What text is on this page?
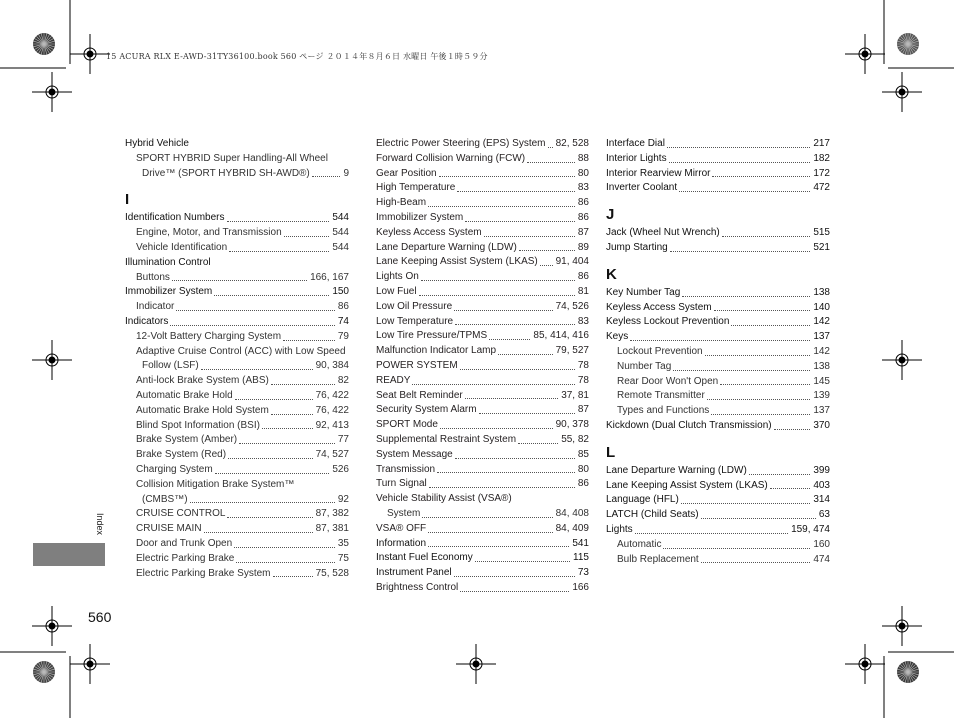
15 ACURA RLX E-AWD-31TY36100.book 560 ページ ２０１４年８月６日 水曜日 午後１時５９分
Hybrid Vehicle
SPORT HYBRID Super Handling-All Wheel
Drive™ (SPORT HYBRID SH-AWD®)	9
I
Identification Numbers	544
Engine, Motor, and Transmission	544
Vehicle Identification	544
Illumination Control
Buttons	166, 167
Immobilizer System	150
Indicator	86
Indicators	74
12-Volt Battery Charging System	79
Adaptive Cruise Control (ACC) with Low Speed
Follow (LSF)	90, 384
Anti-lock Brake System (ABS)	82
Automatic Brake Hold	76, 422
Automatic Brake Hold System	76, 422
Blind Spot Information (BSI)	92, 413
Brake System (Amber)	77
Brake System (Red)	74, 527
Charging System	526
Collision Mitigation Brake System™
(CMBS™)	92
CRUISE CONTROL	87, 382
CRUISE MAIN	87, 381
Door and Trunk Open	35
Electric Parking Brake	75
Electric Parking Brake System	75, 528
Electric Power Steering (EPS) System 82, 528
Forward Collision Warning (FCW)	88
Gear Position	80
High Temperature	83
High-Beam	86
Immobilizer System	86
Keyless Access System	87
Lane Departure Warning (LDW)	89
Lane Keeping Assist System (LKAS) 91, 404
Lights On	86
Low Fuel	81
Low Oil Pressure	74, 526
Low Temperature	83
Low Tire Pressure/TPMS	85, 414, 416
Malfunction Indicator Lamp	79, 527
POWER SYSTEM	78
READY	78
Seat Belt Reminder	37, 81
Security System Alarm	87
SPORT Mode	90, 378
Supplemental Restraint System	55, 82
System Message	85
Transmission	80
Turn Signal	86
Vehicle Stability Assist (VSA®)
System	84, 408
VSA® OFF	84, 409
Information	541
Instant Fuel Economy	115
Instrument Panel	73
Brightness Control	166
Interface Dial	217
Interior Lights	182
Interior Rearview Mirror	172
Inverter Coolant	472
J
Jack (Wheel Nut Wrench)	515
Jump Starting	521
K
Key Number Tag	138
Keyless Access System	140
Keyless Lockout Prevention	142
Keys	137
Lockout Prevention	142
Number Tag	138
Rear Door Won't Open	145
Remote Transmitter	139
Types and Functions	137
Kickdown (Dual Clutch Transmission)	370
L
Lane Departure Warning (LDW)	399
Lane Keeping Assist System (LKAS)	403
Language (HFL)	314
LATCH (Child Seats)	63
Lights	159, 474
Automatic	160
Bulb Replacement	474
Index
560
